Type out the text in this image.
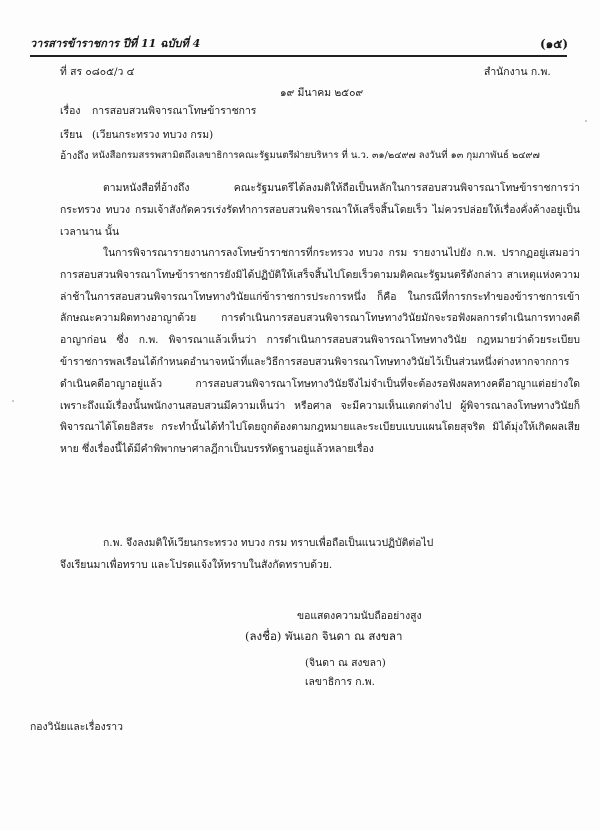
วารสารข้าราชการ ปีที่ 11 ฉบับที่ 4	(๑๕)
ที่ สร ๐๘๐๕/ว ๔	สำนักงาน ก.พ.
๑๙ มีนาคม ๒๕๐๙
เรื่อง การสอบสวนพิจารณาโทษข้าราชการ
เรียน (เวียนกระทรวง ทบวง กรม)
อ้างถึง หนังสือกรมสรรพสามิตถึงเลขาธิการคณะรัฐมนตรีฝ่ายบริหาร ที่ น.ว. ๓๑/๒๔๙๗ ลงวันที่ ๑๓ กุมภาพันธ์ ๒๔๙๗

ตามหนังสือที่อ้างถึง คณะรัฐมนตรีได้ลงมติให้ถือเป็นหลักในการสอบสวนพิจารณาโทษข้าราชการว่า กระทรวง ทบวง กรมเจ้าสังกัดควรเร่งรัดทำการสอบสวนพิจารณาให้เสร็จสิ้นโดยเร็ว ไม่ควรปล่อยให้เรื่องคั่งค้างอยู่เป็นเวลานาน นั้น

ในการพิจารณารายงานการลงโทษข้าราชการที่กระทรวง ทบวง กรม รายงานไปยัง ก.พ. ปรากฏอยู่เสมอว่า การสอบสวนพิจารณาโทษข้าราชการยังมิได้ปฏิบัติให้เสร็จสิ้นไปโดยเร็วตามมติคณะรัฐมนตรีดังกล่าว สาเหตุแห่งความล่าช้าในการสอบสวนพิจารณาโทษทางวินัยแก่ข้าราชการประการหนึ่ง ก็คือ ในกรณีที่การกระทำของข้าราชการเข้าลักษณะความผิดทางอาญาด้วย การดำเนินการสอบสวนพิจารณาโทษทางวินัยมักจะรอฟังผลการดำเนินการทางคดีอาญาก่อน ซึ่ง ก.พ. พิจารณาแล้วเห็นว่า การดำเนินการสอบสวนพิจารณาโทษทางวินัย กฎหมายว่าด้วยระเบียบข้าราชการพลเรือนได้กำหนดอำนาจหน้าที่และวิธีการสอบสวนพิจารณาโทษทางวินัยไว้เป็นส่วนหนึ่งต่างหากจากการดำเนินคดีอาญาอยู่แล้ว การสอบสวนพิจารณาโทษทางวินัยจึงไม่จำเป็นที่จะต้องรอฟังผลทางคดีอาญาแต่อย่างใด เพราะถึงแม้เรื่องนั้นพนักงานสอบสวนมีความเห็นว่า หรือศาล จะมีความเห็นแตกต่างไป ผู้พิจารณาลงโทษทางวินัยก็พิจารณาได้โดยอิสระ กระทำนั้นได้ทำไปโดยถูกต้องตามกฎหมายและระเบียบแบบแผนโดยสุจริต มิได้มุ่งให้เกิดผลเสียหาย ซึ่งเรื่องนี้ได้มีคำพิพากษาศาลฎีกาเป็นบรรทัดฐานอยู่แล้วหลายเรื่อง

ก.พ. จึงลงมติให้เวียนกระทรวง ทบวง กรม ทราบเพื่อถือเป็นแนวปฏิบัติต่อไป
จึงเรียนมาเพื่อทราบ และโปรดแจ้งให้ทราบในสังกัดทราบด้วย.
ขอแสดงความนับถืออย่างสูง
(ลงชื่อ) พันเอก จินดา ณ สงขลา
(จินดา ณ สงขลา)
เลขาธิการ ก.พ.
กองวินัยและเรื่องราว
